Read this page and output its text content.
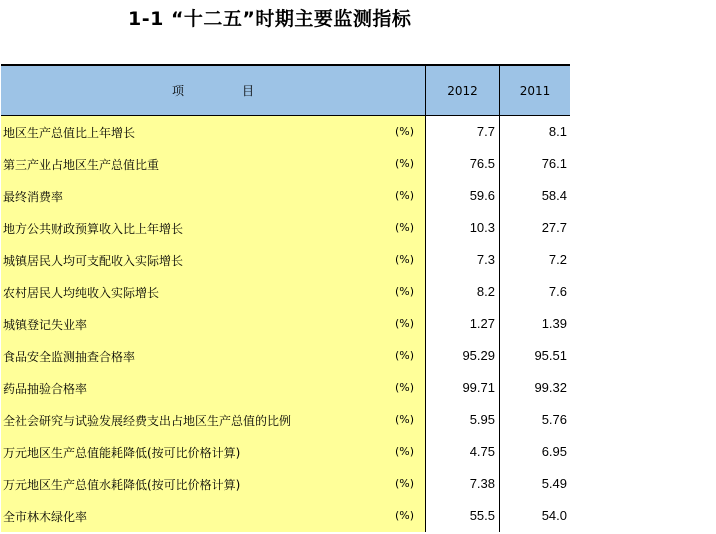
1-1 “十二五”时期主要监测指标
项	目	2012	2011
地区生产总值比上年增长	(%)	7.7	8.1
第三产业占地区生产总值比重	(%)	76.5	76.1
最终消费率	(%)	59.6	58.4
地方公共财政预算收入比上年增长	(%)	10.3	27.7
城镇居民人均可支配收入实际增长	(%)	7.3	7.2
农村居民人均纯收入实际增长	(%)	8.2	7.6
城镇登记失业率	(%)	1.27	1.39
食品安全监测抽查合格率	(%)	95.29	95.51
药品抽验合格率	(%)	99.71	99.32
全社会研究与试验发展经费支出占地区生产总值的比例	(%)	5.95	5.76
万元地区生产总值能耗降低(按可比价格计算)	(%)	4.75	6.95
万元地区生产总值水耗降低(按可比价格计算)	(%)	7.38	5.49
全市林木绿化率	(%)	55.5	54.0
